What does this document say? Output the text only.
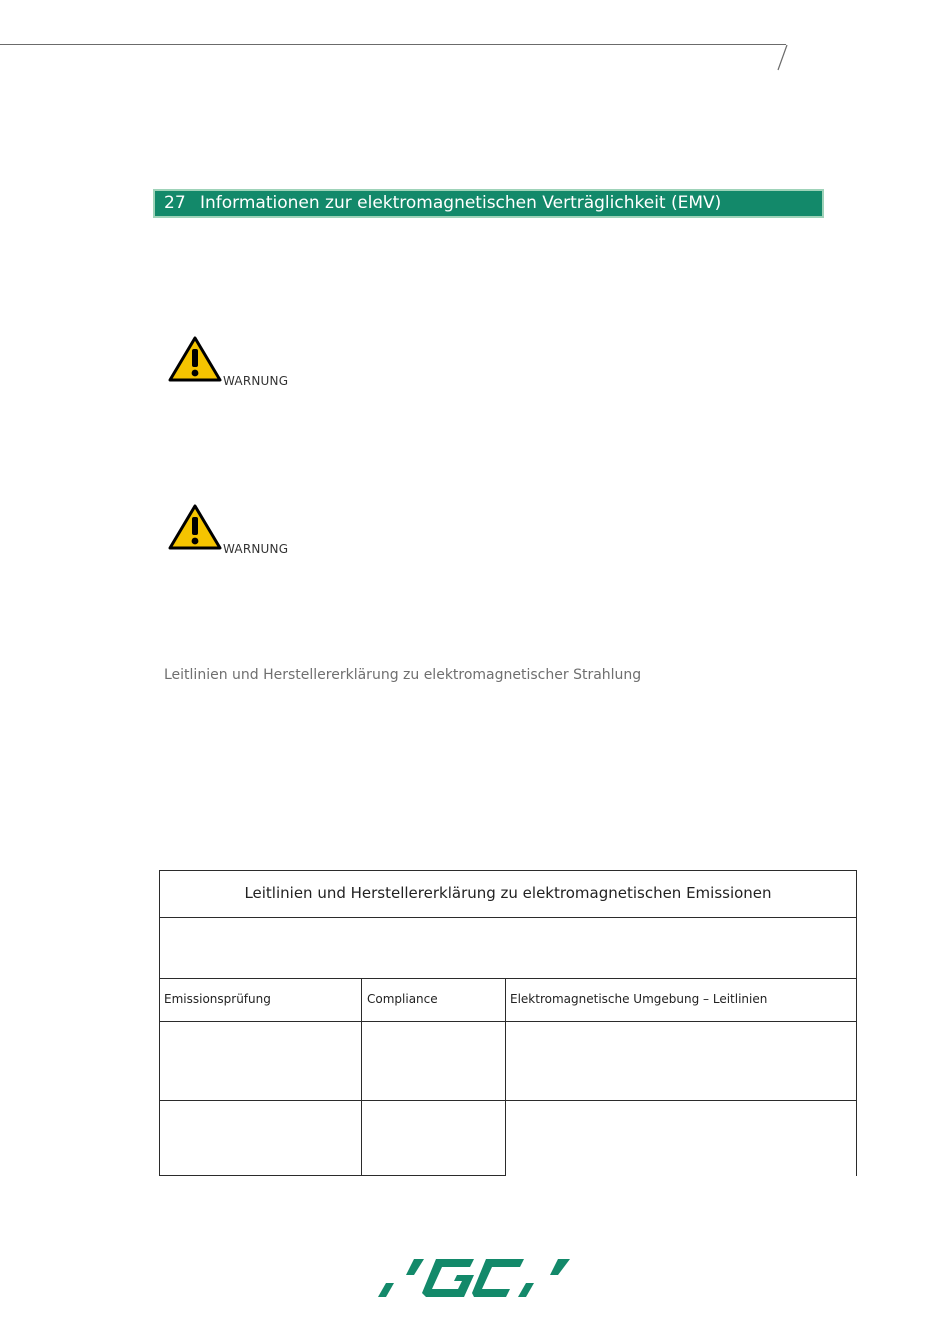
27 Informationen zur elektromagnetischen Verträglichkeit (EMV)
WARNUNG
WARNUNG
Leitlinien und Herstellererklärung zu elektromagnetischer Strahlung
Leitlinien und Herstellererklärung zu elektromagnetischen Emissionen
Emissionsprüfung	Compliance	Elektromagnetische Umgebung – Leitlinien
